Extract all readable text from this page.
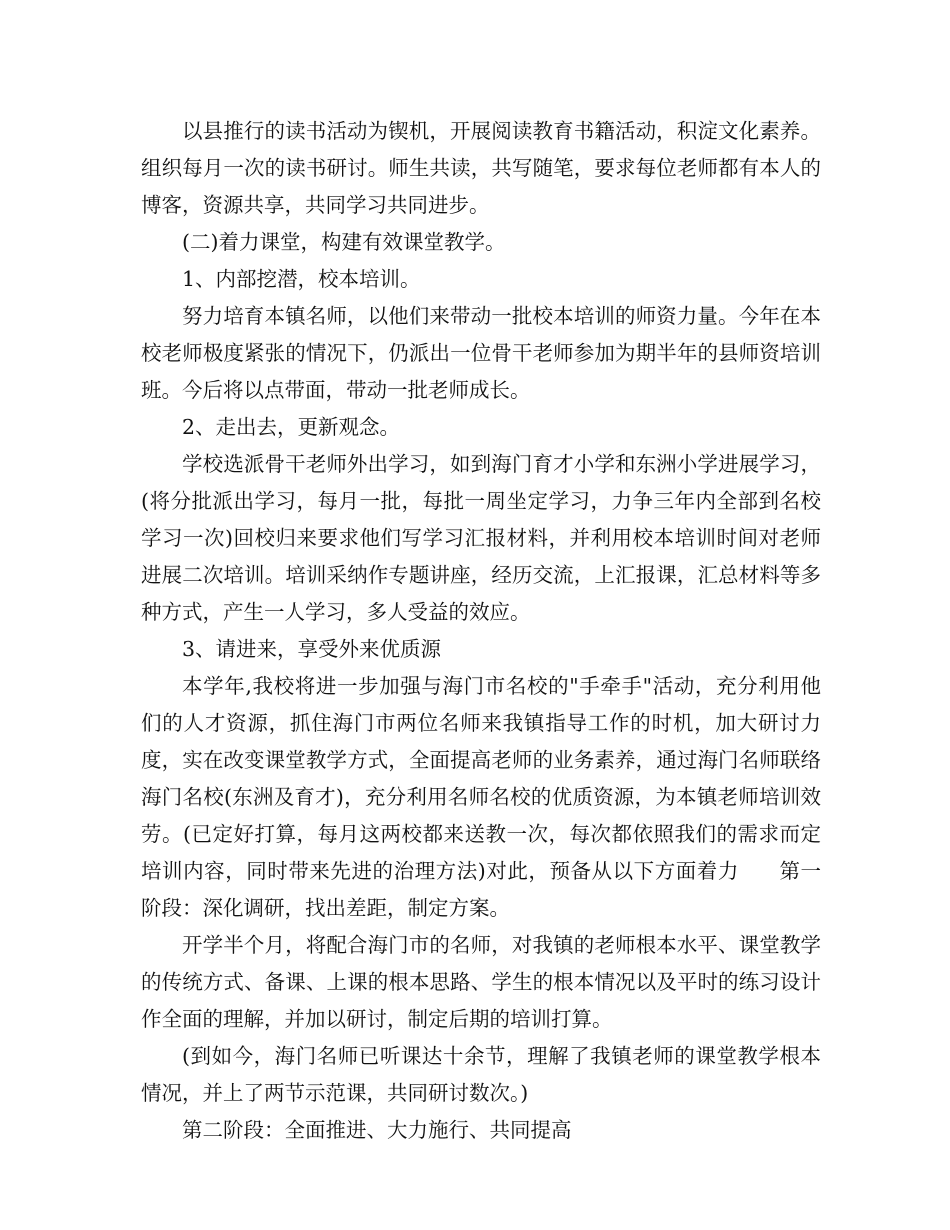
以县推行的读书活动为锲机，开展阅读教育书籍活动，积淀文化素养。组织每月一次的读书研讨。师生共读，共写随笔，要求每位老师都有本人的博客，资源共享，共同学习共同进步。

(二)着力课堂，构建有效课堂教学。

1、内部挖潜，校本培训。

努力培育本镇名师，以他们来带动一批校本培训的师资力量。今年在本校老师极度紧张的情况下，仍派出一位骨干老师参加为期半年的县师资培训班。今后将以点带面，带动一批老师成长。

2、走出去，更新观念。

学校选派骨干老师外出学习，如到海门育才小学和东洲小学进展学习，(将分批派出学习，每月一批，每批一周坐定学习，力争三年内全部到名校学习一次)回校归来要求他们写学习汇报材料，并利用校本培训时间对老师进展二次培训。培训采纳作专题讲座，经历交流，上汇报课，汇总材料等多种方式，产生一人学习，多人受益的效应。

3、请进来，享受外来优质源

本学年,我校将进一步加强与海门市名校的"手牵手"活动，充分利用他们的人才资源，抓住海门市两位名师来我镇指导工作的时机，加大研讨力度，实在改变课堂教学方式，全面提高老师的业务素养，通过海门名师联络海门名校(东洲及育才)，充分利用名师名校的优质资源，为本镇老师培训效劳。(已定好打算，每月这两校都来送教一次，每次都依照我们的需求而定培训内容，同时带来先进的治理方法)对此，预备从以下方面着力 第一阶段：深化调研，找出差距，制定方案。

开学半个月，将配合海门市的名师，对我镇的老师根本水平、课堂教学的传统方式、备课、上课的根本思路、学生的根本情况以及平时的练习设计作全面的理解，并加以研讨，制定后期的培训打算。

(到如今，海门名师已听课达十余节，理解了我镇老师的课堂教学根本情况，并上了两节示范课，共同研讨数次。)

第二阶段：全面推进、大力施行、共同提高
